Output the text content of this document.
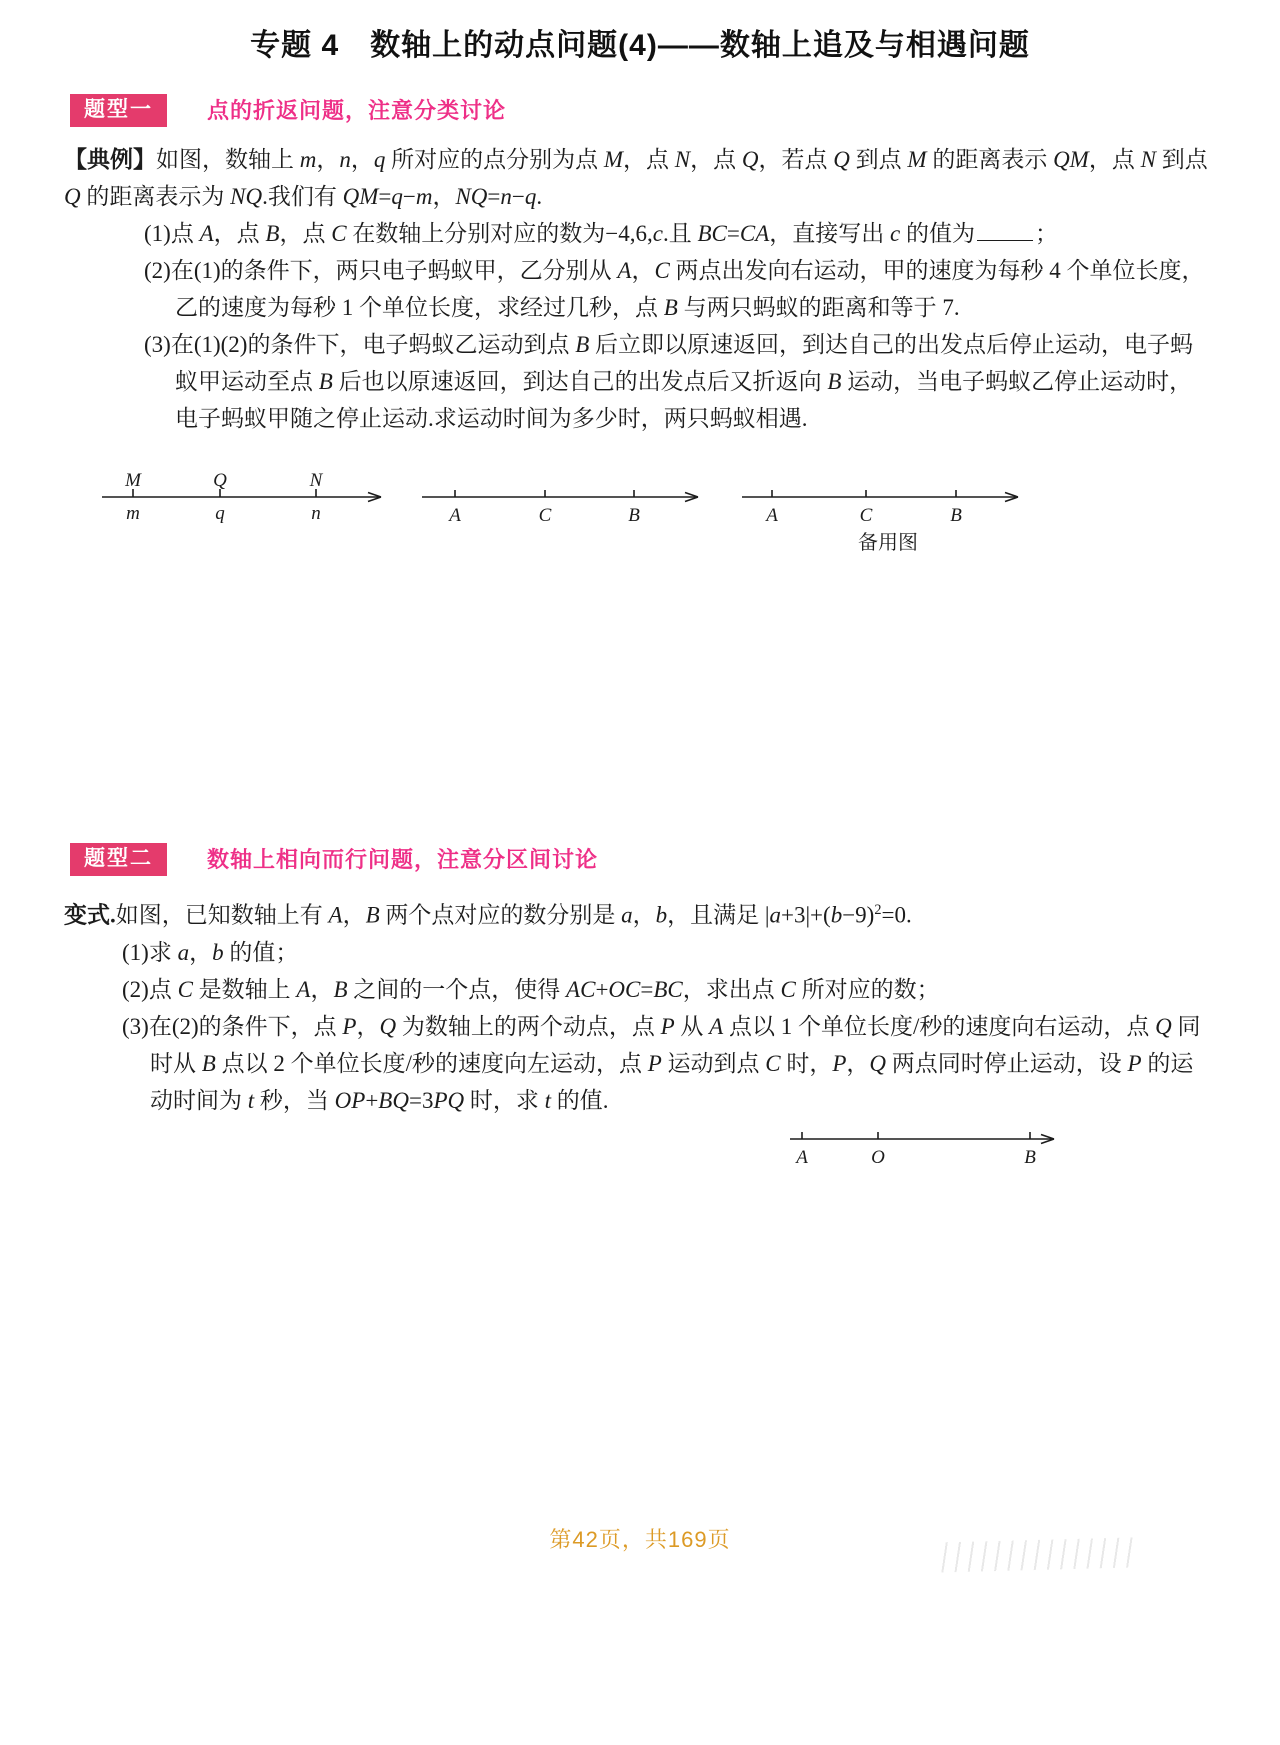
专题 4　数轴上的动点问题(4)——数轴上追及与相遇问题
题型一	点的折返问题，注意分类讨论

【典例】如图，数轴上 m，n，q 所对应的点分别为点 M，点 N，点 Q，若点 Q 到点 M 的距离表示 QM，点 N 到点 Q 的距离表示为 NQ.我们有 QM=q−m，NQ=n−q.

(1)点 A，点 B，点 C 在数轴上分别对应的数为−4,6,c.且 BC=CA，直接写出 c 的值为	；

(2)在(1)的条件下，两只电子蚂蚁甲，乙分别从 A，C 两点出发向右运动，甲的速度为每秒 4 个单位长度，乙的速度为每秒 1 个单位长度，求经过几秒，点 B 与两只蚂蚁的距离和等于 7.

(3)在(1)(2)的条件下，电子蚂蚁乙运动到点 B 后立即以原速返回，到达自己的出发点后停止运动，电子蚂蚁甲运动至点 B 后也以原速返回，到达自己的出发点后又折返向 B 运动，当电子蚂蚁乙停止运动时，电子蚂蚁甲随之停止运动.求运动时间为多少时，两只蚂蚁相遇.

M	Q	N
m	q	n	A	C	B	A	C	B
备用图
题型二	数轴上相向而行问题，注意分区间讨论

变式.如图，已知数轴上有 A，B 两个点对应的数分别是 a，b，且满足 $|a+3|+(b-9)^2=0$.

(1)求 a，b 的值；

(2)点 C 是数轴上 A，B 之间的一个点，使得 AC+OC=BC，求出点 C 所对应的数；

(3)在(2)的条件下，点 P，Q 为数轴上的两个动点，点 P 从 A 点以 1 个单位长度/秒的速度向右运动，点 Q 同时从 B 点以 2 个单位长度/秒的速度向左运动，点 P 运动到点 C 时，P，Q 两点同时停止运动，设 P 的运动时间为 t 秒，当 OP+BQ=3PQ 时，求 t 的值.

A	O	B
第42页，共169页
